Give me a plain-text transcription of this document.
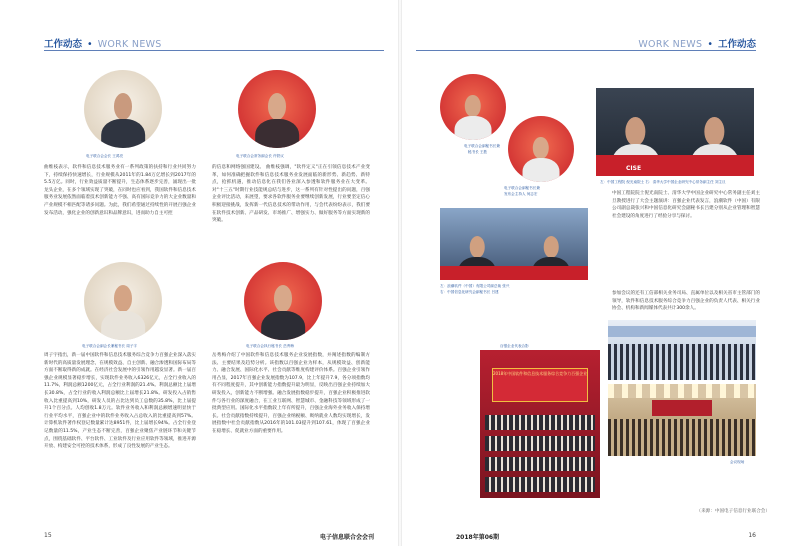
工作动态 • WORK NEWS
电子联合会会长 王鸿亮	电子联合会常务副会长 许铁议
曲维枝表示，软件和信息技术服务业有一系列政策的扶持和行业共同努力下，持续保持快速增长，行业规模从2011年的1.84万亿增长到2017年的5.5万亿。同时，行业效益质量不断提升，生态体系逐步完善，涌现出一批龙头企业，在多个领域实现了突破，在同时也应看到，我国软件和信息技术服务业发展依然面临着技术创新能力不强、高有国际竞争力的大企业数量和产业规模不相匹配等诸多问题。为此，我们希望通过持续性的开展百强企业发布活动，强化企业的创新意识和品牌意识，进而助力自主可控
的信息和网络强国建设。 曲维枝强调，"软件定义"正在引领信息技术产业变革，如何准确把握软件和信息技术服务业发展面临的新形势、新趋势、新特点，抢抓机遇，推动信息化在我们各业深入参透和软件服务业在大变革。对"十三五"时期行业技能规总结与进步，这一系列有针对性提出的问题，百强企业评比活动，来展望，要求各软件服务业要继续创新发展，行业要坚定信心积极迎接挑战，发挥新一代信息技术的带动作用，与会代表纷纷表示，我们要在软件技术创新、产品研发、市场推广、增强实力、做好服务等方面实现新的突破。
电子联合会副会长兼秘书长 周子宇	电子联合会执行秘书长 岳秀梅
周子宇指出，新一届中国软件和信息技术服务综合竞争力百强企业深入落实新时代的高质量发展理念，在规模效益、自主创新、融合渗透和国际布局等方面不断取得新的成就。在经济社会发展中的引领作用越发显著。新一届百强企业规模显著稳步增长，实现软件业务收入6326亿元，占全行业收入的11.7%，利润总额1200亿元，占全行业利润的21.4%。利润总额比上届增长30.8%，占全行业的收入利润总额比上届增长21.8%。研发投入占销售收入比重提高到10%，研发人员的占比达到员工总数的35.8%，比上届提升1个百分点。人均创收1.8万元。软件业务收入和利润总额增速明显快于行业平均水平，百强企业中的软件业务收入占总收入的比重提高到57%。计算机软件著作权登记数量累计达8951件，比上届增长94%。占全行业登记数量的11.5%，产业生态不断完善，百强企业聚焦产业链环节和关键节点，围绕基础软件、平台软件、工业软件及行业应用软件等领域，推进开源开放、构建安全可控的技术体系，形成了良性发展的产业生态。
岳秀梅介绍了中国软件和信息技术服务企业发展指数，并阐述指数的编制方法、主要结果及趋势分析。该指数以百强企业为样本，从规模效益、创新能力、融合发展、国际化水平、社会贡献等维度构建评价体系。百强企业引领作用凸显，2017年百强企业发展指数为107.9，比上年提升7.9，各分项指数均有不同程度提升，其中创新能力指数提升最为明显，反映出百强企业持续加大研发投入，创新能力不断增强。融合发展指数稳步提升，百强企业积极推进软件与各行业的深度融合，在工业互联网、智慧城市、金融科技等领域形成了一批典型应用。国际化水平指数较上年有所提升，百强企业海外业务收入保持增长。社会贡献指数持续提升，百强企业纳税额、吸纳就业人数均实现增长，发展指数中社会贡献指数从2016年的101.03提升到107.61，体现了百强企业在稳增长、促就业方面的重要作用。
15	电子信息联合会会刊
WORK NEWS • 工作动态
电子联合会副秘书长兼
秘书长 王胜
电子联合会副秘书长兼
发布会主持人 何志宏
CISE
左：中国工程院 倪光南院士 右：清华大学中国企业研究中心常务副主任 刘主旦
中国工程院院士倪光南院士、清华大学中国企业研究中心常务副主任刘主旦教授进行了大会主题演讲：百强企业代表发言，浪潮软件（中国）有限公司副总裁张兴和中国信息化研究会副秘书长吕建分别从企业管理和智慧社会建设的角度进行了经验分享与探讨。
左：浪潮软件（中国）有限公司副总裁 张兴
右：中国信息化研究会副秘书长 吕建	参加会议的还有工信部相关业务司局、直属单位以及相关省市主管部门的领导，软件和信息技术服务综合竞争力百强企业的负责人代表、相关行业协会、机构和新闻媒体代表共计300余人。
2018年中国软件和信息技术服务综合竞争力百强企业
百强企业代表合影
会议现场
（来源：中国电子信息行业联合会）
2018年第06期	16
